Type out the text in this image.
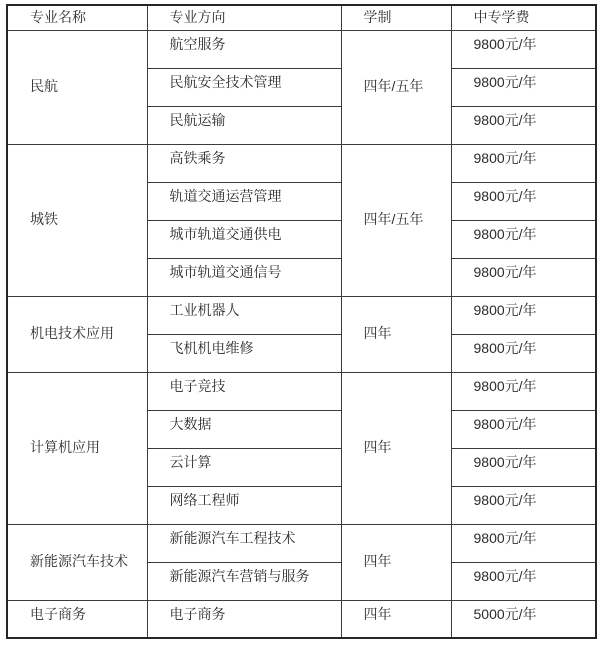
专业名称	专业方向	学制	中专学费
民航	航空服务	四年/五年	9800元/年
	民航安全技术管理		9800元/年
	民航运输		9800元/年
城铁	高铁乘务	四年/五年	9800元/年
	轨道交通运营管理		9800元/年
	城市轨道交通供电		9800元/年
	城市轨道交通信号		9800元/年
机电技术应用	工业机器人	四年	9800元/年
	飞机机电维修		9800元/年
计算机应用	电子竞技	四年	9800元/年
	大数据		9800元/年
	云计算		9800元/年
	网络工程师		9800元/年
新能源汽车技术	新能源汽车工程技术	四年	9800元/年
	新能源汽车营销与服务		9800元/年
电子商务	电子商务	四年	5000元/年
